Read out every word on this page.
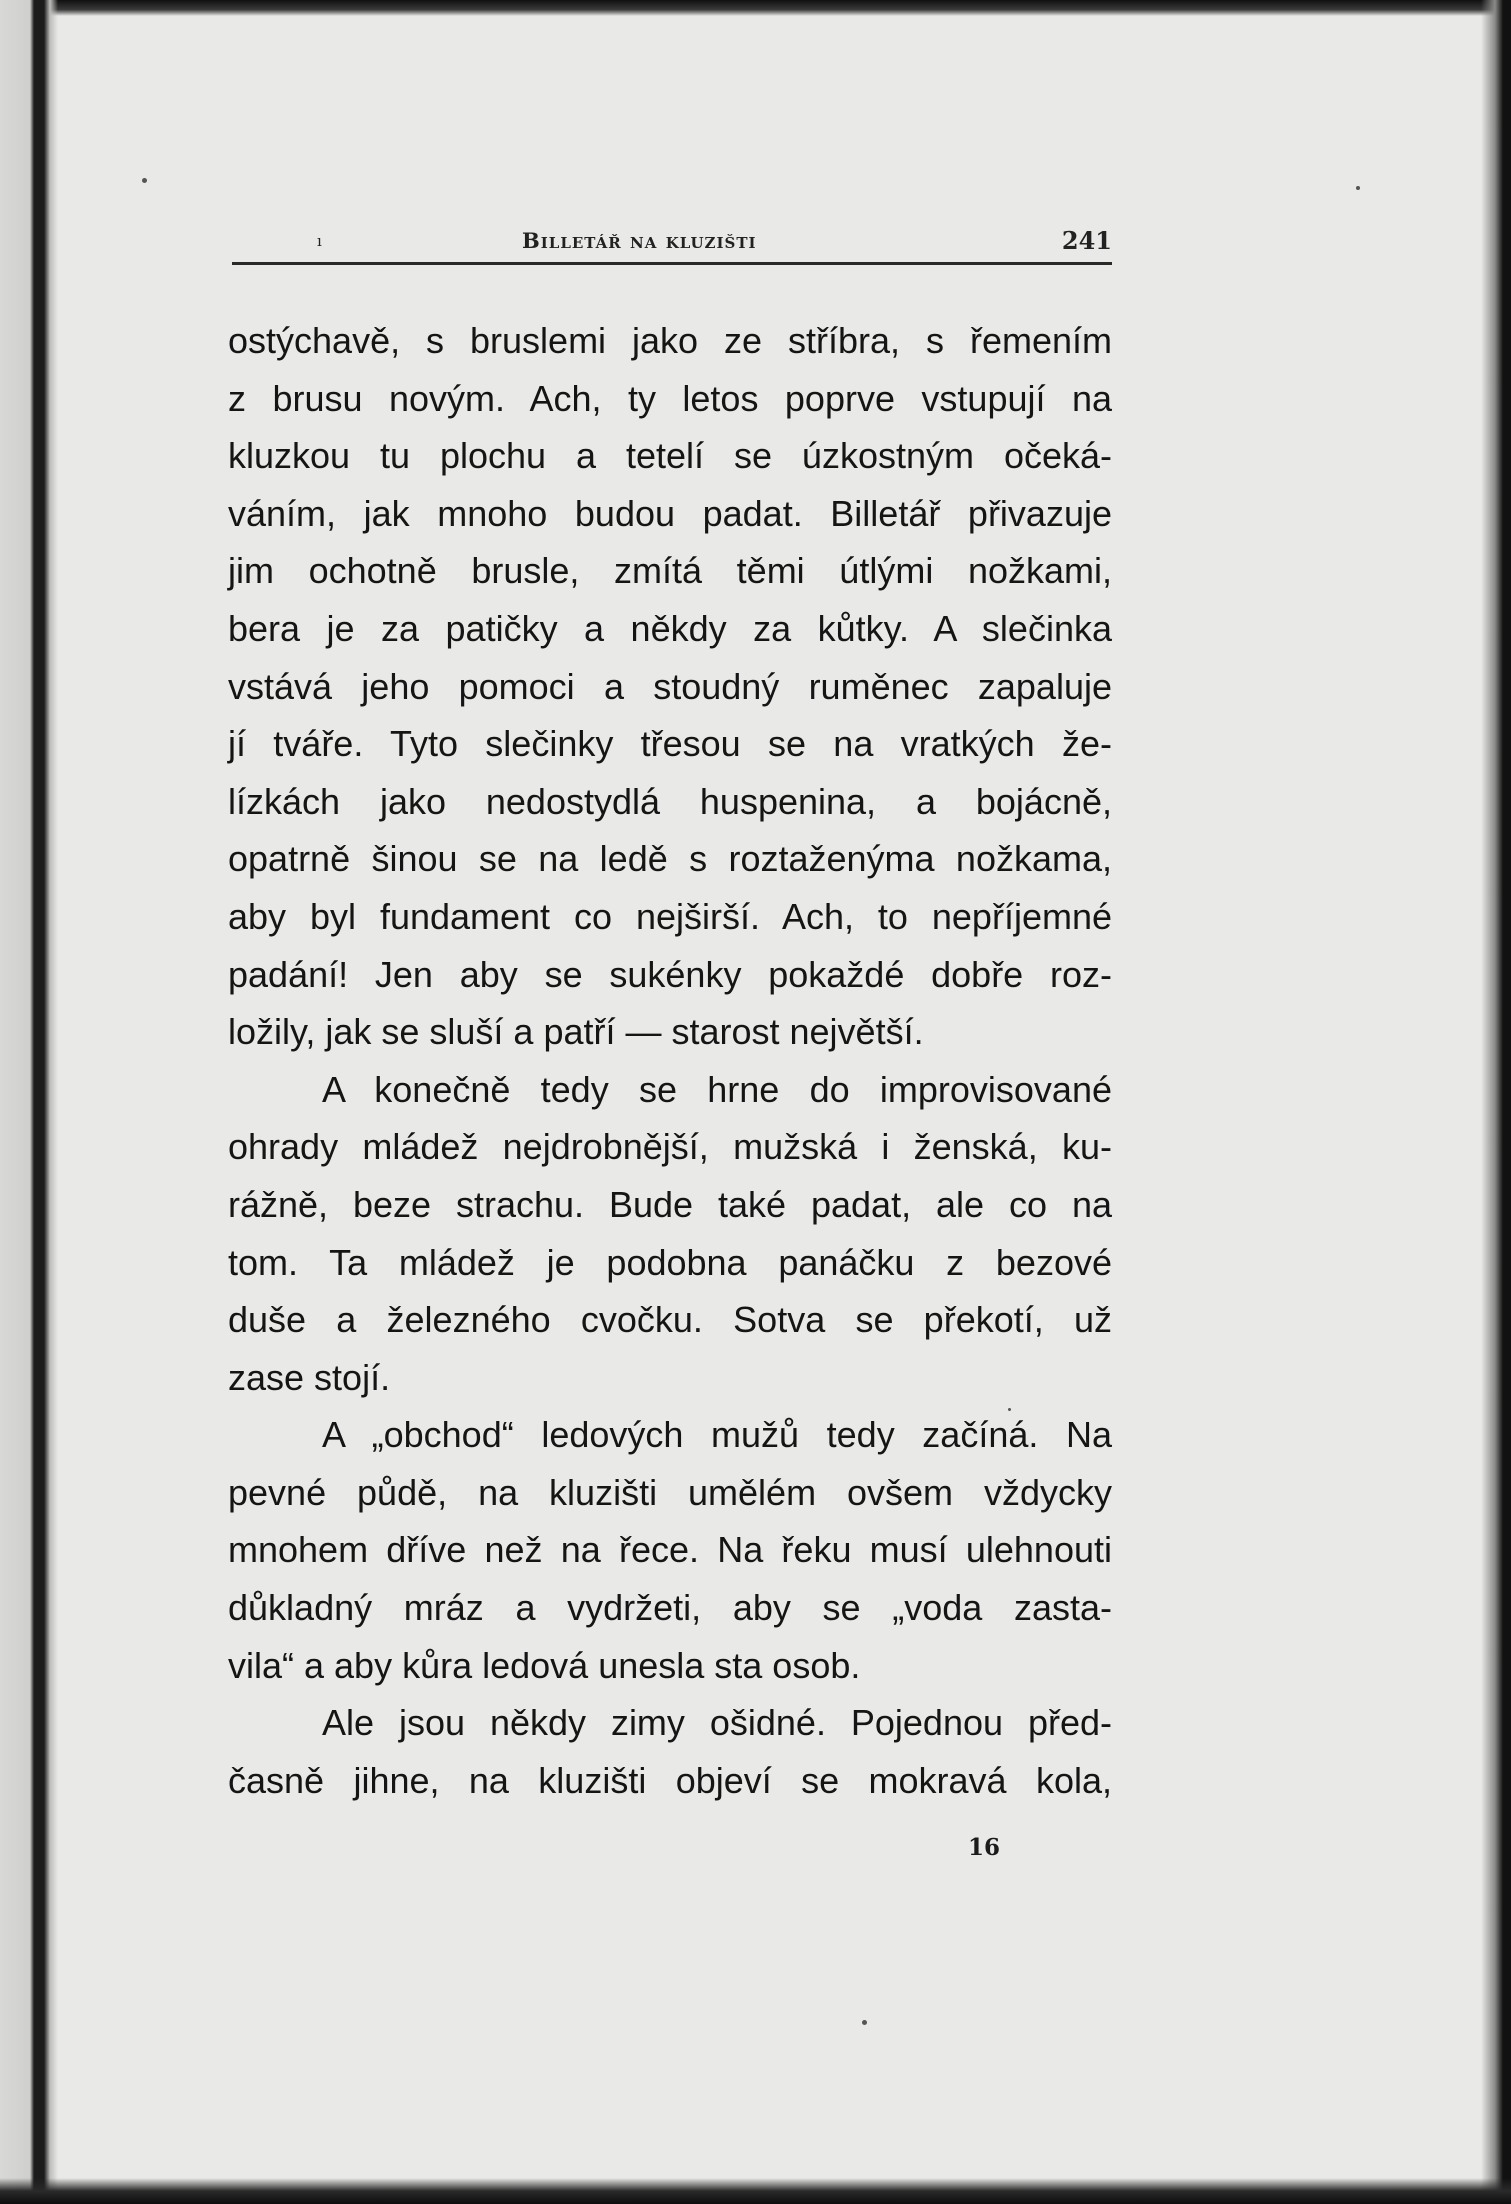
ı	Billetář na kluzišti	241
ostýchavě, s bruslemi jako ze stříbra, s řemením
z brusu novým. Ach, ty letos poprve vstupují na
kluzkou tu plochu a tetelí se úzkostným očeká-
váním, jak mnoho budou padat. Billetář přivazuje
jim ochotně brusle, zmítá těmi útlými nožkami,
bera je za patičky a někdy za kůtky. A slečinka
vstává jeho pomoci a stoudný ruměnec zapaluje
jí tváře. Tyto slečinky třesou se na vratkých že-
lízkách jako nedostydlá huspenina, a bojácně,
opatrně šinou se na ledě s roztaženýma nožkama,
aby byl fundament co nejširší. Ach, to nepříjemné
padání! Jen aby se sukénky pokaždé dobře roz-
ložily, jak se sluší a patří — starost největší.
A konečně tedy se hrne do improvisované
ohrady mládež nejdrobnější, mužská i ženská, ku-
rážně, beze strachu. Bude také padat, ale co na
tom. Ta mládež je podobna panáčku z bezové
duše a železného cvočku. Sotva se překotí, už
zase stojí.
A „obchod“ ledových mužů tedy začíná. Na
pevné půdě, na kluzišti umělém ovšem vždycky
mnohem dříve než na řece. Na řeku musí ulehnouti
důkladný mráz a vydržeti, aby se „voda zasta-
vila“ a aby kůra ledová unesla sta osob.
Ale jsou někdy zimy ošidné. Pojednou před-
časně jihne, na kluzišti objeví se mokravá kola,
16
